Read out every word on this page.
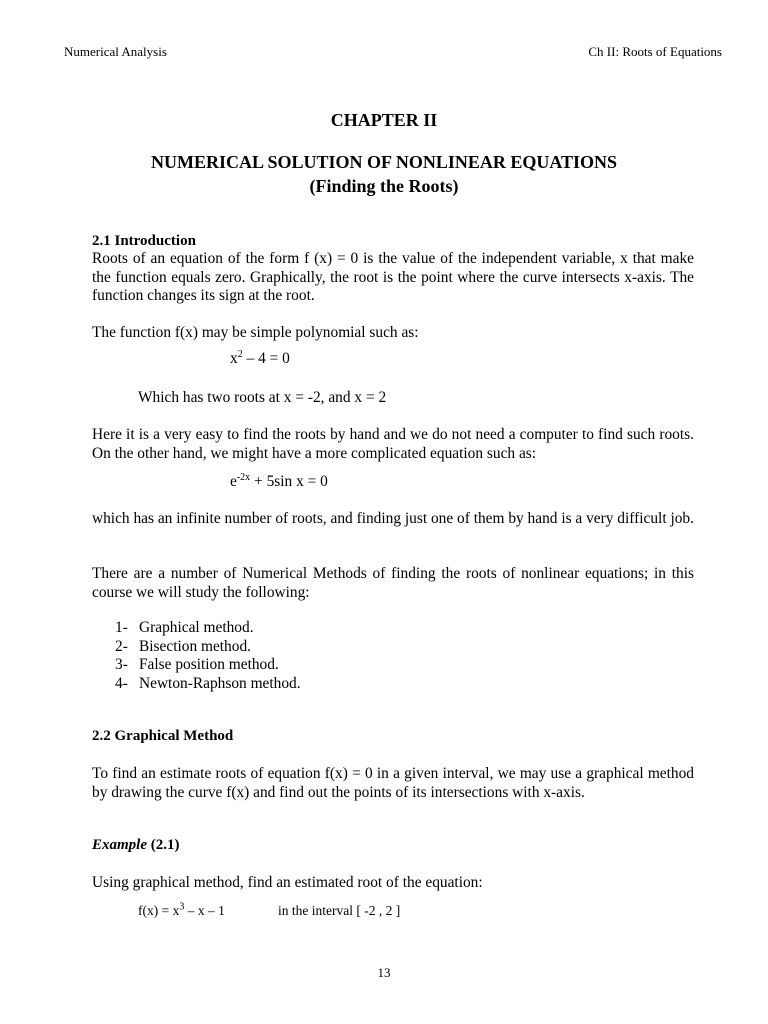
Numerical Analysis	Ch II: Roots of Equations
CHAPTER II
NUMERICAL SOLUTION OF NONLINEAR EQUATIONS
(Finding the Roots)
2.1 Introduction
Roots of an equation of the form f (x) = 0 is the value of the independent variable, x that make the function equals zero. Graphically, the root is the point where the curve intersects x-axis. The function changes its sign at the root.
The function f(x) may be simple polynomial such as:
$x^2 - 4 = 0$
Which has two roots at x = -2, and x = 2
Here it is a very easy to find the roots by hand and we do not need a computer to find such roots. On the other hand, we might have a more complicated equation such as:
$e^{-2x} + 5\sin$ x = 0
which has an infinite number of roots, and finding just one of them by hand is a very difficult job.
There are a number of Numerical Methods of finding the roots of nonlinear equations; in this course we will study the following:
1- Graphical method.
2- Bisection method.
3- False position method.
4- Newton-Raphson method.
2.2 Graphical Method
To find an estimate roots of equation f(x) = 0 in a given interval, we may use a graphical method by drawing the curve f(x) and find out the points of its intersections with x-axis.
Example (2.1)
Using graphical method, find an estimated root of the equation:
$f(x) = x^3 - x - 1$	in the interval [ -2 , 2 ]
13
